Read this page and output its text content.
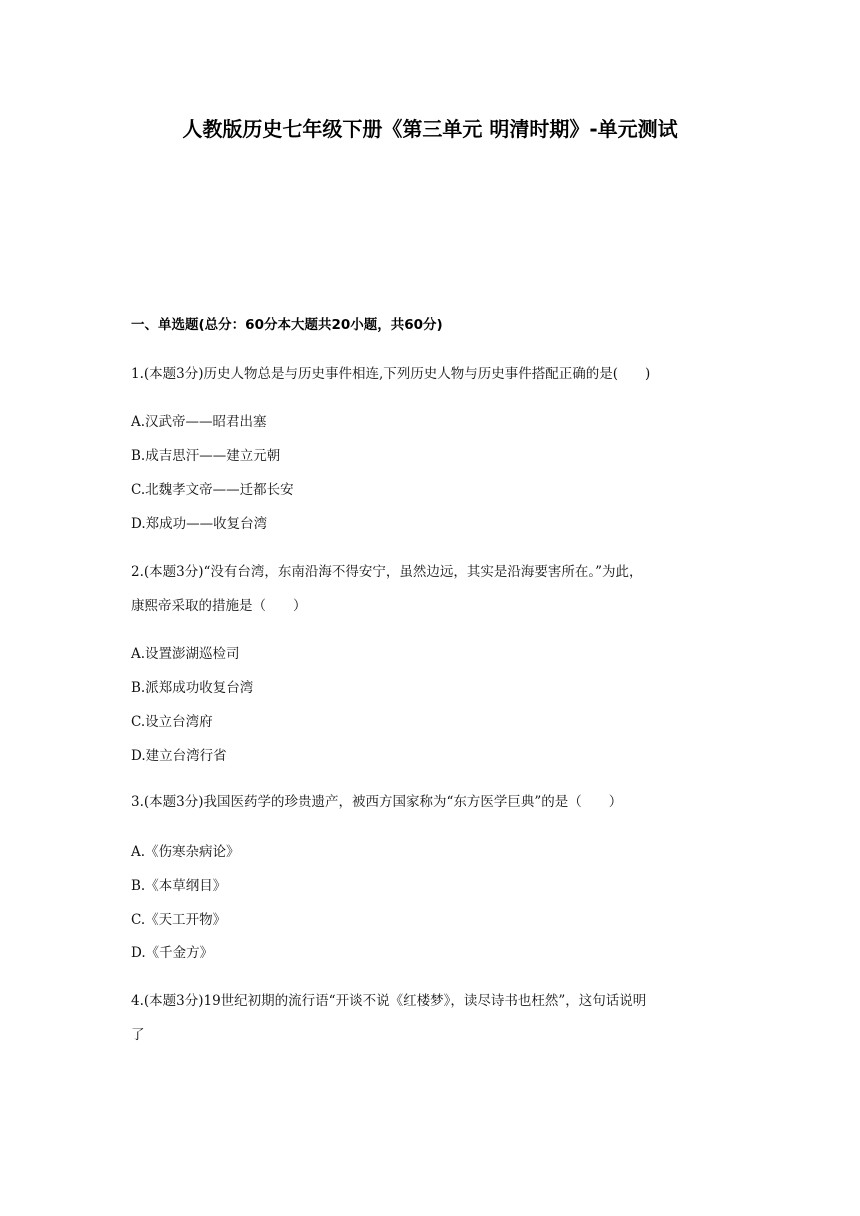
人教版历史七年级下册《第三单元 明清时期》-单元测试
一、单选题(总分：60分本大题共20小题，共60分)
1.(本题3分)历史人物总是与历史事件相连,下列历史人物与历史事件搭配正确的是(　　)
A.汉武帝——昭君出塞
B.成吉思汗——建立元朝
C.北魏孝文帝——迁都长安
D.郑成功——收复台湾
2.(本题3分)“没有台湾，东南沿海不得安宁，虽然边远，其实是沿海要害所在。”为此，
康熙帝采取的措施是（　　）
A.设置澎湖巡检司
B.派郑成功收复台湾
C.设立台湾府
D.建立台湾行省
3.(本题3分)我国医药学的珍贵遗产，被西方国家称为“东方医学巨典”的是（　　）
A.《伤寒杂病论》
B.《本草纲目》
C.《天工开物》
D.《千金方》
4.(本题3分)19世纪初期的流行语“开谈不说《红楼梦》，读尽诗书也枉然”，这句话说明
了
